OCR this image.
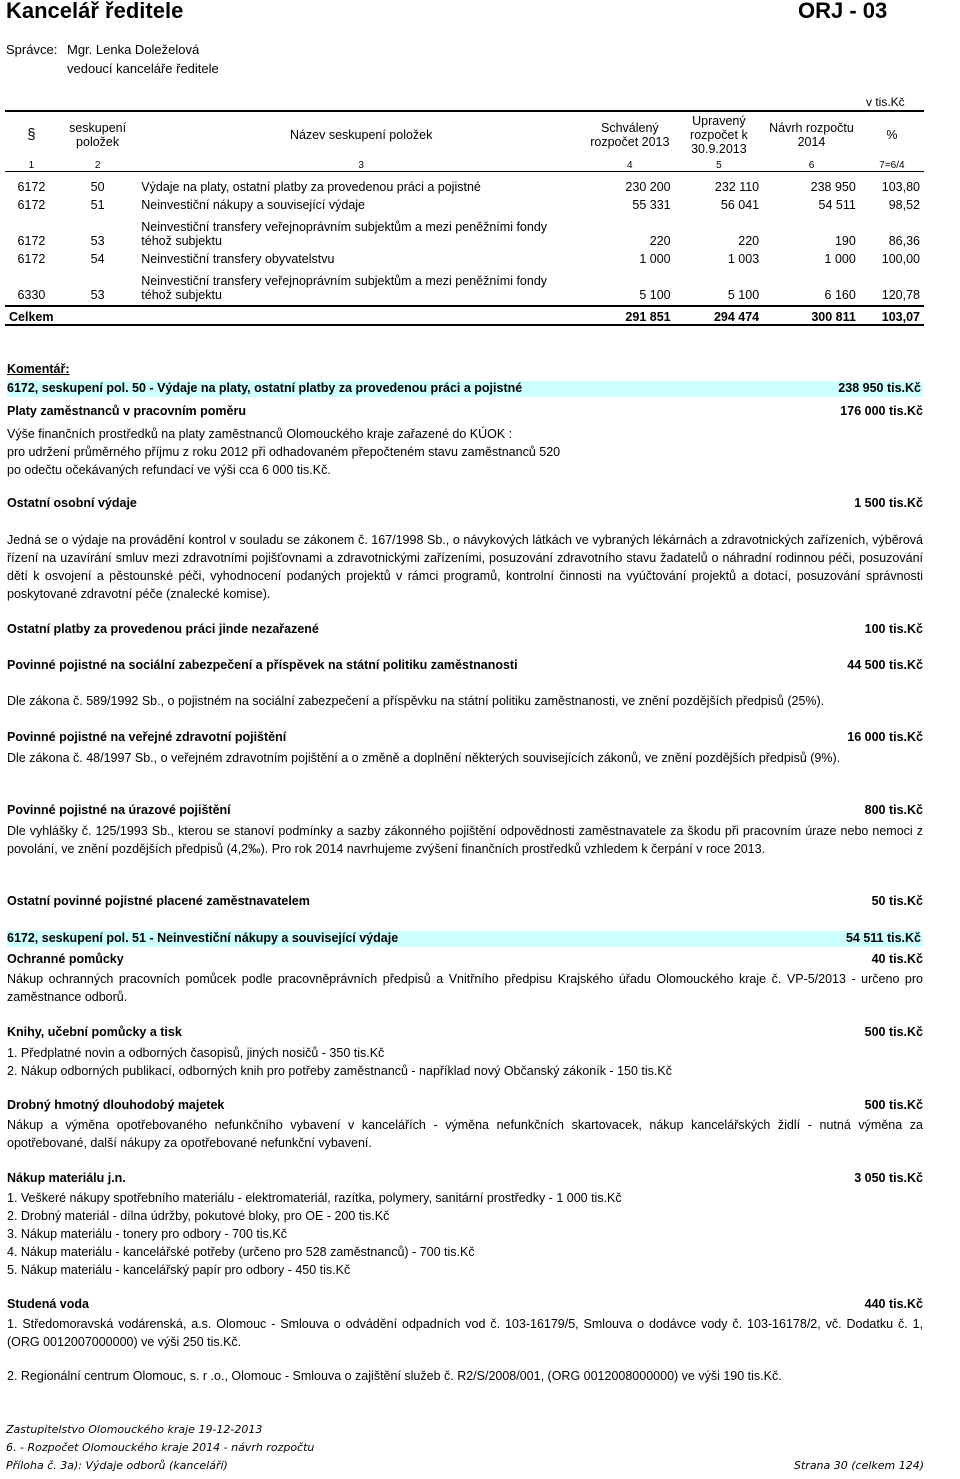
Kancelář ředitele	ORJ - 03
Správce: Mgr. Lenka Doleželová
vedoucí kanceláře ředitele
v tis.Kč
§	seskupení položek	Název seskupení položek	Schválený rozpočet 2013	Upravený rozpočet k 30.9.2013	Návrh rozpočtu 2014	%
1	2	3	4	5	6	7=6/4

6172	50	Výdaje na platy, ostatní platby za provedenou práci a pojistné	230 200	232 110	238 950	103,80
6172	51	Neinvestiční nákupy a související výdaje	55 331	56 041	54 511	98,52
6172	53	Neinvestiční transfery veřejnoprávním subjektům a mezi peněžními fondy téhož subjektu	220	220	190	86,36
6172	54	Neinvestiční transfery obyvatelstvu	1 000	1 003	1 000	100,00
6330	53	Neinvestiční transfery veřejnoprávním subjektům a mezi peněžními fondy téhož subjektu	5 100	5 100	6 160	120,78

Celkem			291 851	294 474	300 811	103,07
Komentář:
6172, seskupení pol. 50 - Výdaje na platy, ostatní platby za provedenou práci a pojistné	238 950 tis.Kč
Platy zaměstnanců v pracovním poměru	176 000 tis.Kč
Výše finančních prostředků na platy zaměstnanců Olomouckého kraje zařazené do KÚOK :
pro udržení průměrného příjmu z roku 2012 při odhadovaném přepočteném stavu zaměstnanců 520
po odečtu očekávaných refundací ve výši cca 6 000 tis.Kč.
Ostatní osobní výdaje	1 500 tis.Kč
Jedná se o výdaje na provádění kontrol v souladu se zákonem č. 167/1998 Sb., o návykových látkách ve vybraných lékárnách a zdravotnických zařízeních, výběrová řízení na uzavírání smluv mezi zdravotními pojišťovnami a zdravotnickými zařízeními, posuzování zdravotního stavu žadatelů o náhradní rodinnou péči, posuzování dětí k osvojení a pěstounské péči, vyhodnocení podaných projektů v rámci programů, kontrolní činnosti na vyúčtování projektů a dotací, posuzování správnosti poskytované zdravotní péče (znalecké komise).
Ostatní platby za provedenou práci jinde nezařazené	100 tis.Kč
Povinné pojistné na sociální zabezpečení a příspěvek na státní politiku zaměstnanosti	44 500 tis.Kč
Dle zákona č. 589/1992 Sb., o pojistném na sociální zabezpečení a příspěvku na státní politiku zaměstnanosti, ve znění pozdějších předpisů (25%).
Povinné pojistné na veřejné zdravotní pojištění	16 000 tis.Kč
Dle zákona č. 48/1997 Sb., o veřejném zdravotním pojištění a o změně a doplnění některých souvisejících zákonů, ve znění pozdějších předpisů (9%).
Povinné pojistné na úrazové pojištění	800 tis.Kč
Dle vyhlášky č. 125/1993 Sb., kterou se stanoví podmínky a sazby zákonného pojištění odpovědnosti zaměstnavatele za škodu při pracovním úraze nebo nemoci z povolání, ve znění pozdějších předpisů (4,2‰). Pro rok 2014 navrhujeme zvýšení finančních prostředků vzhledem k čerpání v roce 2013.
Ostatní povinné pojistné placené zaměstnavatelem	50 tis.Kč
6172, seskupení pol. 51 - Neinvestiční nákupy a související výdaje	54 511 tis.Kč
Ochranné pomůcky	40 tis.Kč
Nákup ochranných pracovních pomůcek podle pracovněprávních předpisů a Vnitřního předpisu Krajského úřadu Olomouckého kraje č. VP-5/2013 - určeno pro zaměstnance odborů.
Knihy, učební pomůcky a tisk	500 tis.Kč
1. Předplatné novin a odborných časopisů, jiných nosičů - 350 tis.Kč
2. Nákup odborných publikací, odborných knih pro potřeby zaměstnanců - například nový Občanský zákoník - 150 tis.Kč
Drobný hmotný dlouhodobý majetek	500 tis.Kč
Nákup a výměna opotřebovaného nefunkčního vybavení v kancelářích - výměna nefunkčních skartovacek, nákup kancelářských židlí - nutná výměna za opotřebované, další nákupy za opotřebované nefunkční vybavení.
Nákup materiálu j.n.	3 050 tis.Kč
1. Veškeré nákupy spotřebního materiálu - elektromateriál, razítka, polymery, sanitární prostředky - 1 000 tis.Kč
2. Drobný materiál - dílna údržby, pokutové bloky, pro OE - 200 tis.Kč
3. Nákup materiálu - tonery pro odbory - 700 tis.Kč
4. Nákup materiálu - kancelářské potřeby (určeno pro 528 zaměstnanců) - 700 tis.Kč
5. Nákup materiálu - kancelářský papír pro odbory - 450 tis.Kč
Studená voda	440 tis.Kč
1. Středomoravská vodárenská, a.s. Olomouc - Smlouva o odvádění odpadních vod č. 103-16179/5, Smlouva o dodávce vody č. 103-16178/2, vč. Dodatku č. 1, (ORG 0012007000000) ve výši 250 tis.Kč.
2. Regionální centrum Olomouc, s. r .o., Olomouc - Smlouva o zajištění služeb č. R2/S/2008/001, (ORG 0012008000000) ve výši 190 tis.Kč.
Zastupitelstvo Olomouckého kraje 19-12-2013
6. - Rozpočet Olomouckého kraje 2014 - návrh rozpočtu
Příloha č. 3a): Výdaje odborů (kanceláří)	Strana 30 (celkem 124)
